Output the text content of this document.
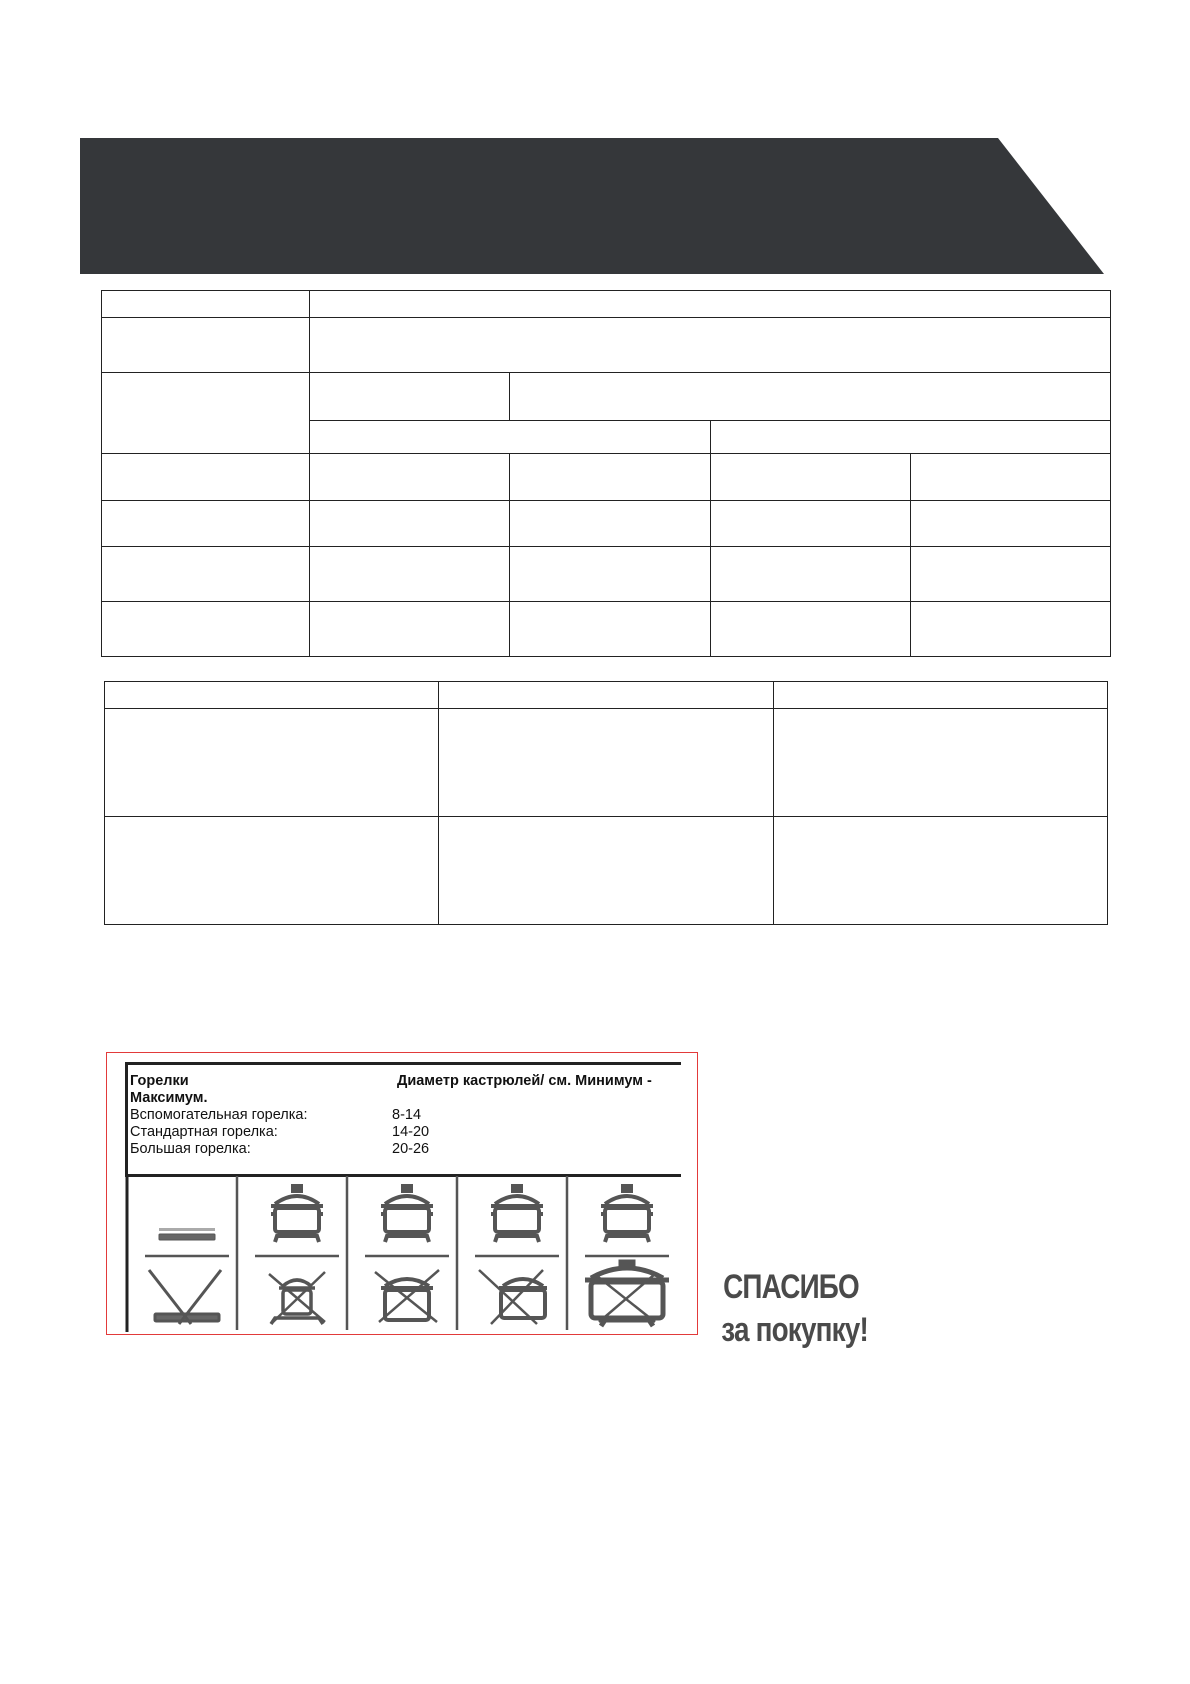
Горелки	Диаметр кастрюлей/ см. Минимум -
Максимум.
Вспомогательная горелка:	8-14
Стандартная горелка:	14-20
Большая горелка:	20-26
СПАСИБО
за покупку!
